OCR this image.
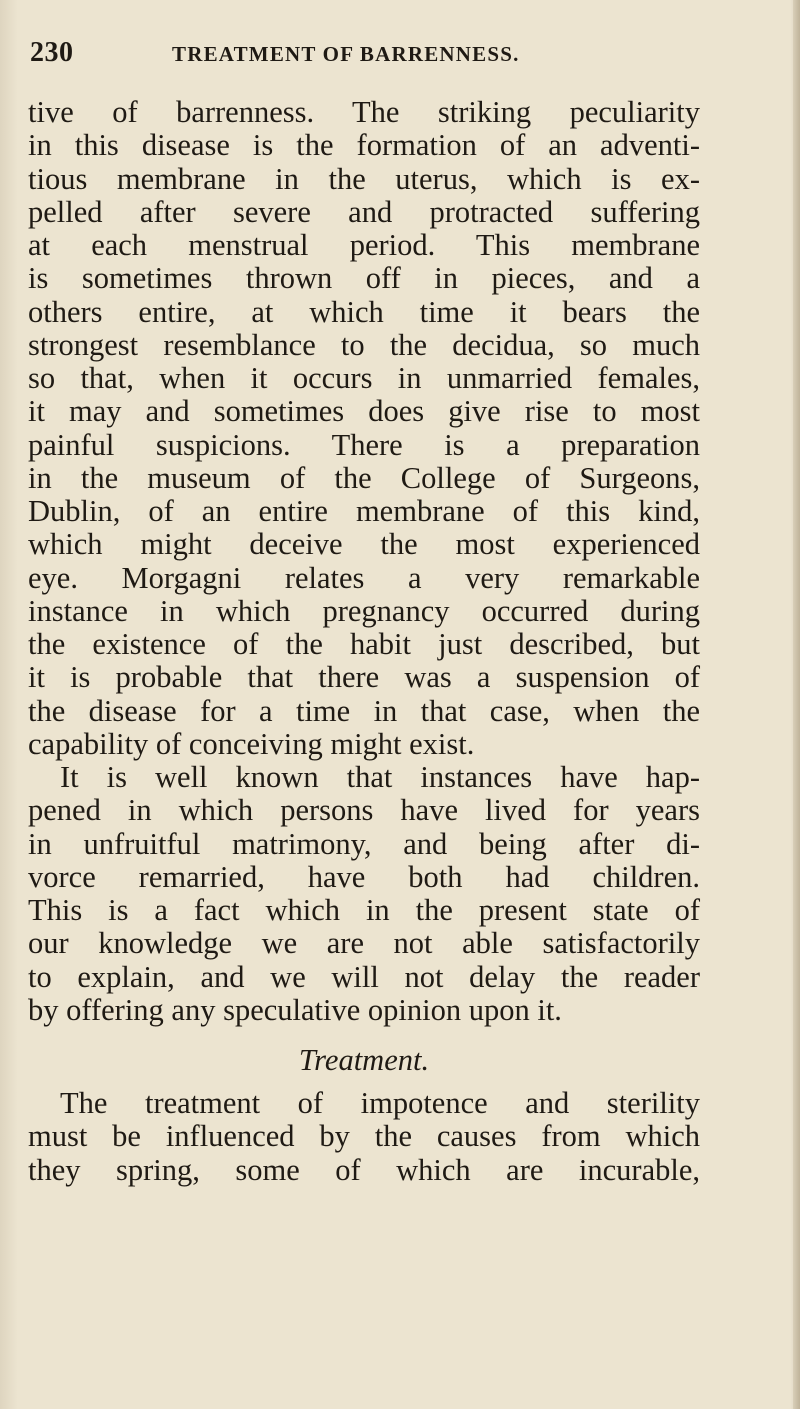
230	TREATMENT OF BARRENNESS.
tive of barrenness. The striking peculiarity
in this disease is the formation of an adventi-
tious membrane in the uterus, which is ex-
pelled after severe and protracted suffering
at each menstrual period. This membrane
is sometimes thrown off in pieces, and a
others entire, at which time it bears the
strongest resemblance to the decidua, so much
so that, when it occurs in unmarried females,
it may and sometimes does give rise to most
painful suspicions. There is a preparation
in the museum of the College of Surgeons,
Dublin, of an entire membrane of this kind,
which might deceive the most experienced
eye. Morgagni relates a very remarkable
instance in which pregnancy occurred during
the existence of the habit just described, but
it is probable that there was a suspension of
the disease for a time in that case, when the
capability of conceiving might exist.
It is well known that instances have hap-
pened in which persons have lived for years
in unfruitful matrimony, and being after di-
vorce remarried, have both had children.
This is a fact which in the present state of
our knowledge we are not able satisfactorily
to explain, and we will not delay the reader
by offering any speculative opinion upon it.
Treatment.
The treatment of impotence and sterility
must be influenced by the causes from which
they spring, some of which are incurable,
